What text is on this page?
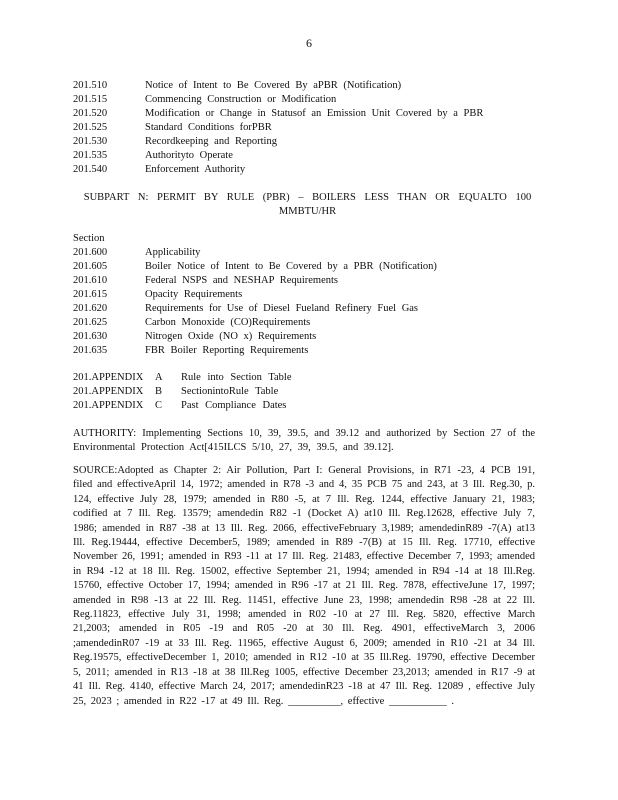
6
201.510	Notice of Intent to Be Covered By aPBR (Notification)
201.515	Commencing Construction or Modification
201.520	Modification or Change in Statusof an Emission Unit Covered by a PBR
201.525	Standard Conditions forPBR
201.530	Recordkeeping and Reporting
201.535	Authorityto Operate
201.540	Enforcement Authority
SUBPART N: PERMIT BY RULE (PBR) – BOILERS LESS THAN OR EQUALTO 100 MMBTU/HR
Section
201.600	Applicability
201.605	Boiler Notice of Intent to Be Covered by a PBR (Notification)
201.610	Federal NSPS and NESHAP Requirements
201.615	Opacity Requirements
201.620	Requirements for Use of Diesel Fueland Refinery Fuel Gas
201.625	Carbon Monoxide (CO)Requirements
201.630	Nitrogen Oxide (NO x) Requirements
201.635	FBR Boiler Reporting Requirements
201.APPENDIX A Rule into Section Table
201.APPENDIX B SectionintoRule Table
201.APPENDIX C Past Compliance Dates
AUTHORITY: Implementing Sections 10, 39, 39.5, and 39.12 and authorized by Section 27 of the Environmental Protection Act[415ILCS 5/10, 27, 39, 39.5, and 39.12].
SOURCE:Adopted as Chapter 2: Air Pollution, Part I: General Provisions, in R71 -23, 4 PCB 191, filed and effectiveApril 14, 1972; amended in R78 -3 and 4, 35 PCB 75 and 243, at 3 Ill. Reg.30, p. 124, effective July 28, 1979; amended in R80 -5, at 7 Ill. Reg. 1244, effective January 21, 1983; codified at 7 Ill. Reg. 13579; amendedin R82 -1 (Docket A) at10 Ill. Reg.12628, effective July 7, 1986; amended in R87 -38 at 13 Ill. Reg. 2066, effectiveFebruary 3,1989; amendedinR89 -7(A) at13 Ill. Reg.19444, effective December5, 1989; amended in R89 -7(B) at 15 Ill. Reg. 17710, effective November 26, 1991; amended in R93 -11 at 17 Ill. Reg. 21483, effective December 7, 1993; amended in R94 -12 at 18 Ill. Reg. 15002, effective September 21, 1994; amended in R94 -14 at 18 Ill.Reg. 15760, effective October 17, 1994; amended in R96 -17 at 21 Ill. Reg. 7878, effectiveJune 17, 1997; amended in R98 -13 at 22 Ill. Reg. 11451, effective June 23, 1998; amendedin R98 -28 at 22 Ill. Reg.11823, effective July 31, 1998; amended in R02 -10 at 27 Ill. Reg. 5820, effective March 21,2003; amended in R05 -19 and R05 -20 at 30 Ill. Reg. 4901, effectiveMarch 3, 2006 ;amendedinR07 -19 at 33 Ill. Reg. 11965, effective August 6, 2009; amended in R10 -21 at 34 Ill. Reg.19575, effectiveDecember 1, 2010; amended in R12 -10 at 35 Ill.Reg. 19790, effective December 5, 2011; amended in R13 -18 at 38 Ill.Reg 1005, effective December 23,2013; amended in R17 -9 at 41 Ill. Reg. 4140, effective March 24, 2017; amendedinR23 -18 at 47 Ill. Reg. 12089 , effective July 25, 2023 ; amended in R22 -17 at 49 Ill. Reg. __________, effective ___________ .
